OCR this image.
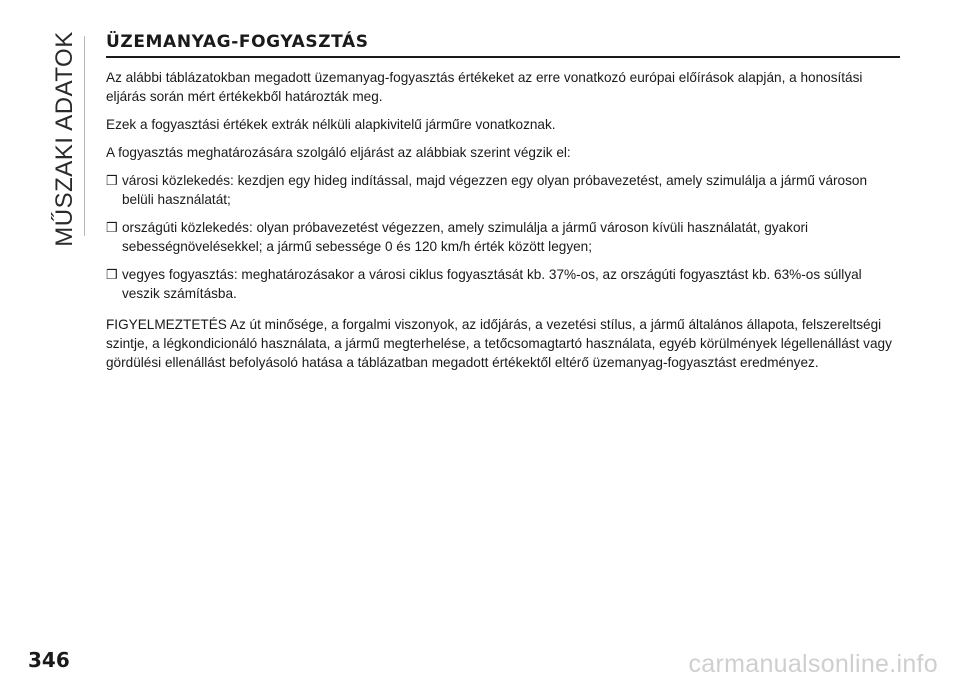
MŰSZAKI ADATOK ÜZEMANYAG-FOGYASZTÁS

Az alábbi táblázatokban megadott üzemanyag-fogyasztás értékeket az erre vonatkozó európai előírások alapján, a honosítási eljárás során mért értékekből határozták meg.

Ezek a fogyasztási értékek extrák nélküli alapkivitelű járműre vonatkoznak.

A fogyasztás meghatározására szolgáló eljárást az alábbiak szerint végzik el:

❒ városi közlekedés: kezdjen egy hideg indítással, majd végezzen egy olyan próbavezetést, amely szimulálja a jármű városon belüli használatát;
❒ országúti közlekedés: olyan próbavezetést végezzen, amely szimulálja a jármű városon kívüli használatát, gyakori sebességnövelésekkel; a jármű sebessége 0 és 120 km/h érték között legyen;
❒ vegyes fogyasztás: meghatározásakor a városi ciklus fogyasztását kb. 37%-os, az országúti fogyasztást kb. 63%-os súllyal veszik számításba.

FIGYELMEZTETÉS Az út minősége, a forgalmi viszonyok, az időjárás, a vezetési stílus, a jármű általános állapota, felszereltségi szintje, a légkondicionáló használata, a jármű megterhelése, a tetőcsomagtartó használata, egyéb körülmények légellenállást vagy gördülési ellenállást befolyásoló hatása a táblázatban megadott értékektől eltérő üzemanyag-fogyasztást eredményez.

346	carmanualsonline.info
